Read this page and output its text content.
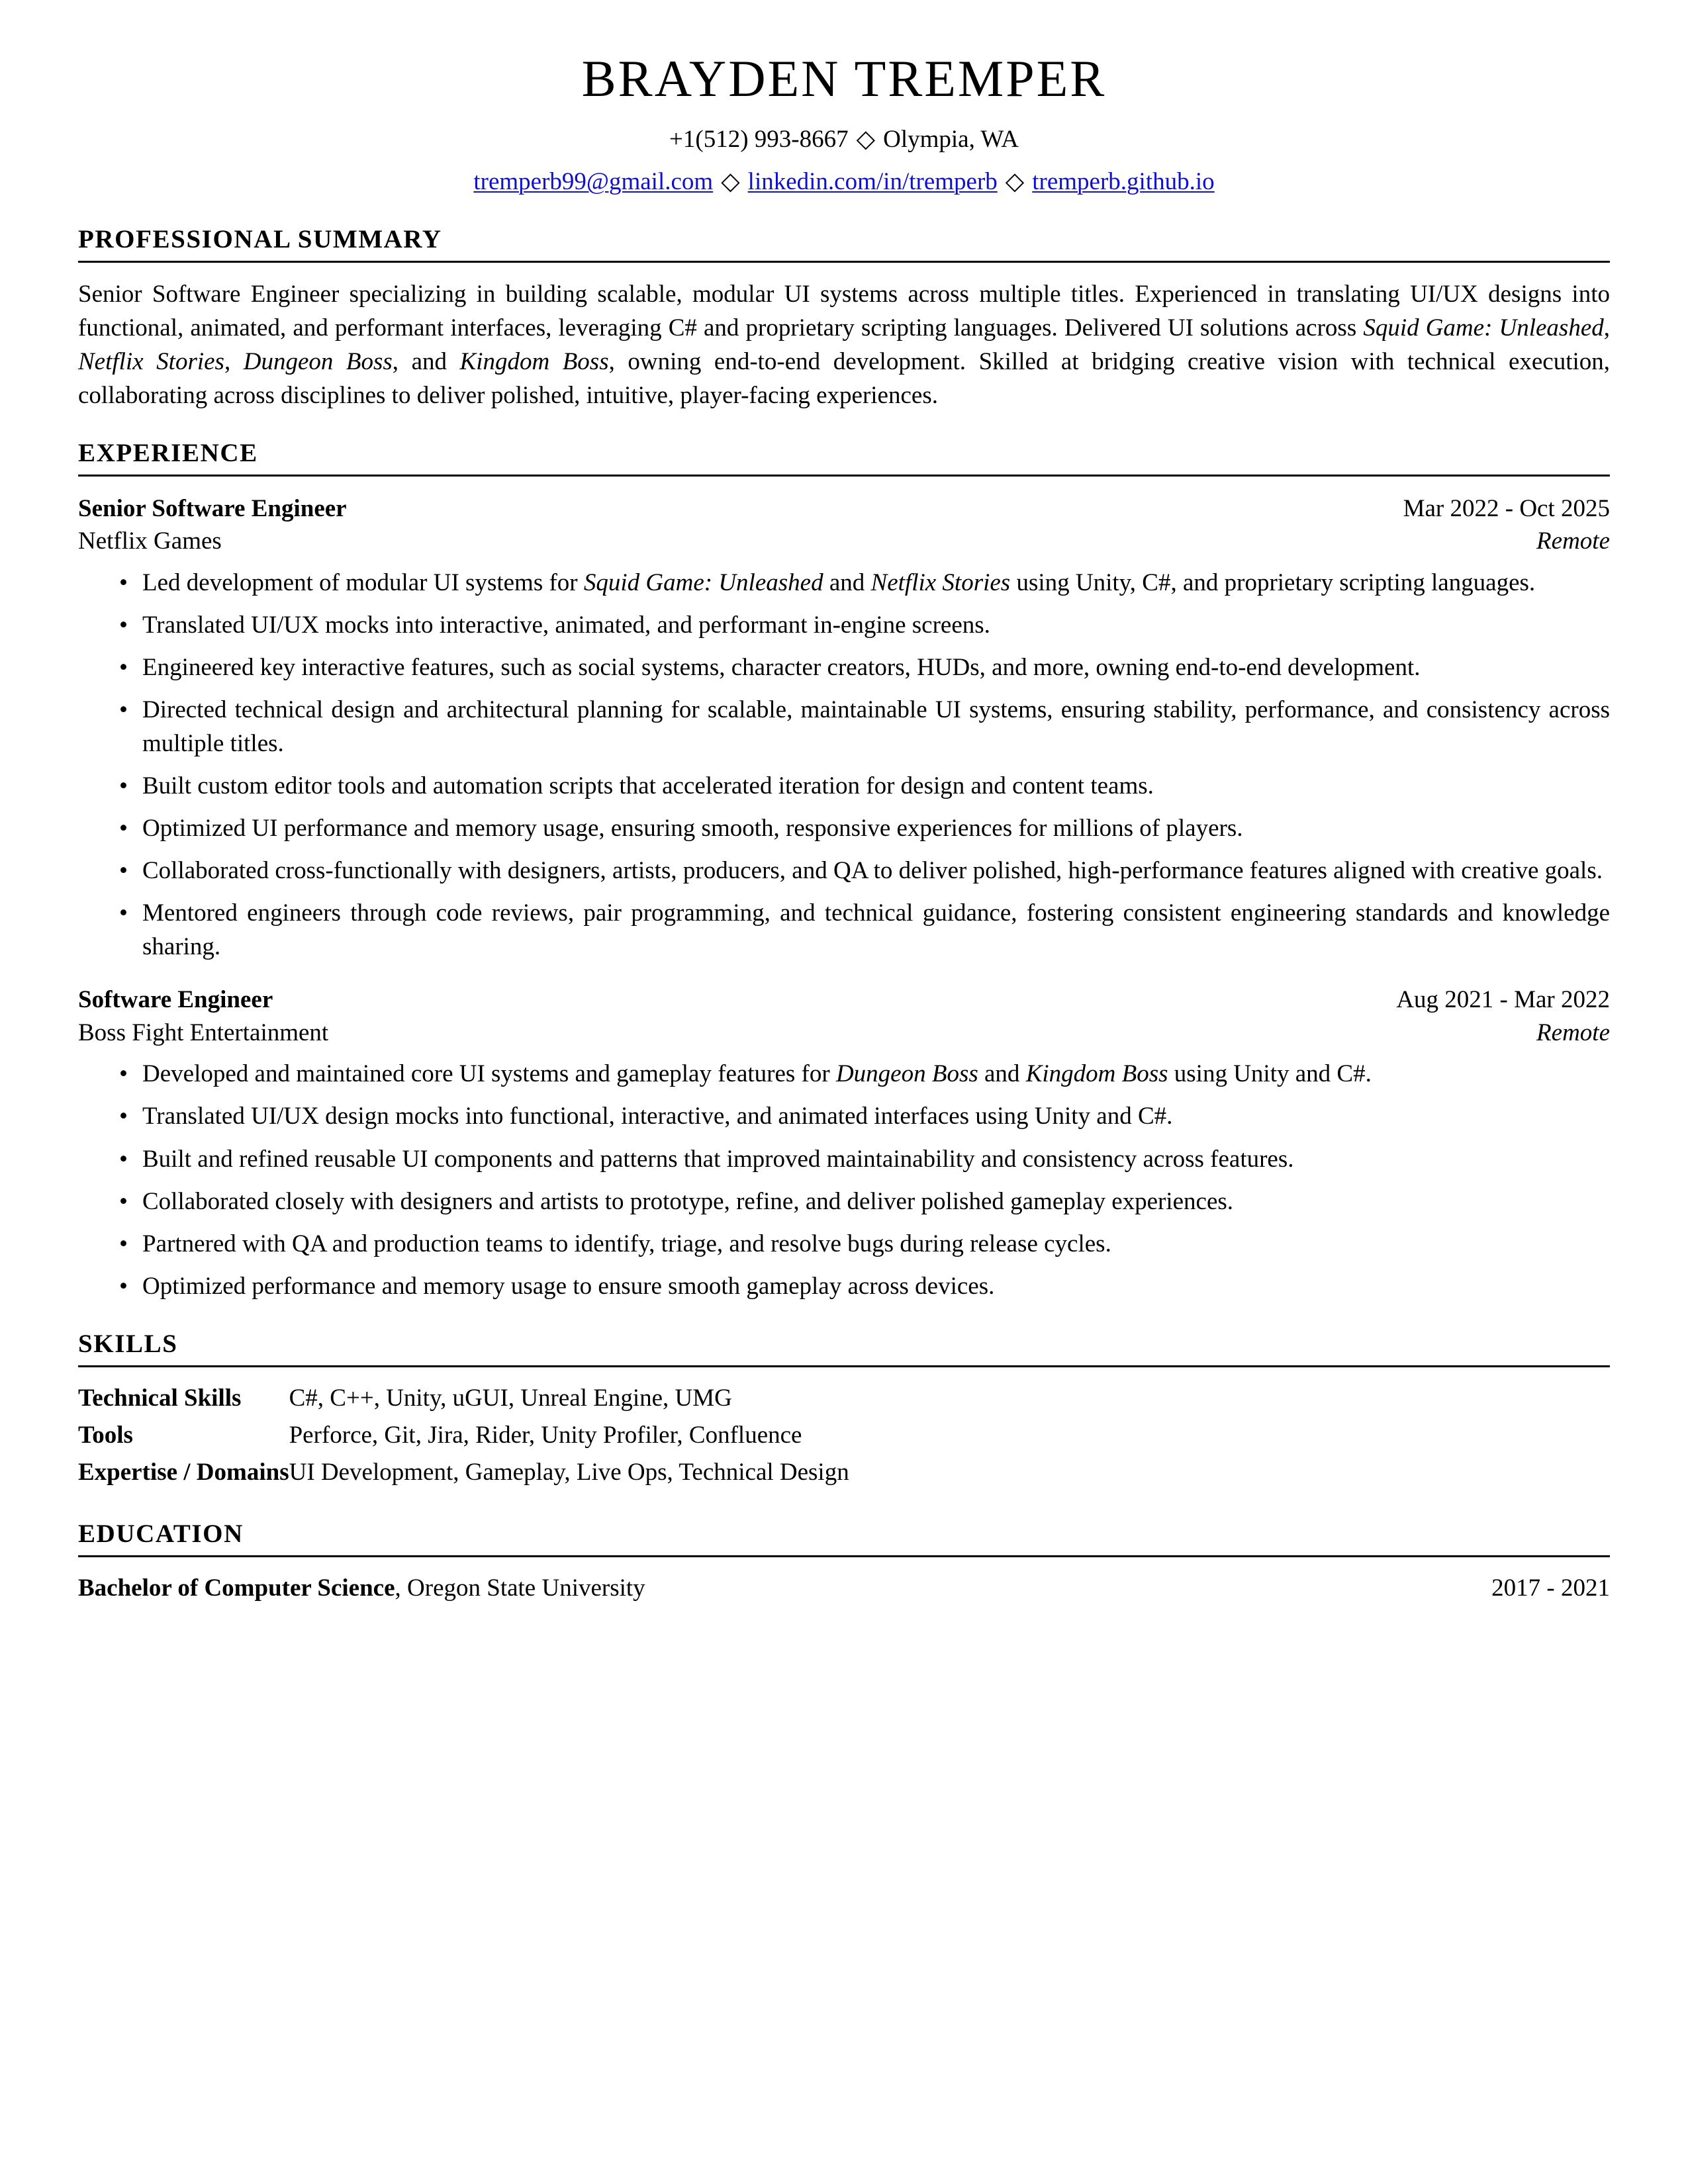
BRAYDEN TREMPER
+1(512) 993-8667 ◇ Olympia, WA
tremperb99@gmail.com ◇ linkedin.com/in/tremperb ◇ tremperb.github.io
PROFESSIONAL SUMMARY

Senior Software Engineer specializing in building scalable, modular UI systems across multiple titles. Experienced in translating UI/UX designs into functional, animated, and performant interfaces, leveraging C# and proprietary scripting languages. Delivered UI solutions across Squid Game: Unleashed, Netflix Stories, Dungeon Boss, and Kingdom Boss, owning end-to-end development. Skilled at bridging creative vision with technical execution, collaborating across disciplines to deliver polished, intuitive, player-facing experiences.

EXPERIENCE
Senior Software Engineer	Mar 2022 - Oct 2025
Netflix Games	Remote
• Led development of modular UI systems for Squid Game: Unleashed and Netflix Stories using Unity, C#, and proprietary scripting languages.
• Translated UI/UX mocks into interactive, animated, and performant in-engine screens.
• Engineered key interactive features, such as social systems, character creators, HUDs, and more, owning end-to-end development.
• Directed technical design and architectural planning for scalable, maintainable UI systems, ensuring stability, performance, and consistency across multiple titles.
• Built custom editor tools and automation scripts that accelerated iteration for design and content teams.
• Optimized UI performance and memory usage, ensuring smooth, responsive experiences for millions of players.
• Collaborated cross-functionally with designers, artists, producers, and QA to deliver polished, high-performance features aligned with creative goals.
• Mentored engineers through code reviews, pair programming, and technical guidance, fostering consistent engineering standards and knowledge sharing.
Software Engineer	Aug 2021 - Mar 2022
Boss Fight Entertainment	Remote
• Developed and maintained core UI systems and gameplay features for Dungeon Boss and Kingdom Boss using Unity and C#.
• Translated UI/UX design mocks into functional, interactive, and animated interfaces using Unity and C#.
• Built and refined reusable UI components and patterns that improved maintainability and consistency across features.
• Collaborated closely with designers and artists to prototype, refine, and deliver polished gameplay experiences.
• Partnered with QA and production teams to identify, triage, and resolve bugs during release cycles.
• Optimized performance and memory usage to ensure smooth gameplay across devices.
SKILLS
Technical Skills	C#, C++, Unity, uGUI, Unreal Engine, UMG
Tools	Perforce, Git, Jira, Rider, Unity Profiler, Confluence
Expertise / Domains	UI Development, Gameplay, Live Ops, Technical Design
EDUCATION
Bachelor of Computer Science, Oregon State University	2017 - 2021
